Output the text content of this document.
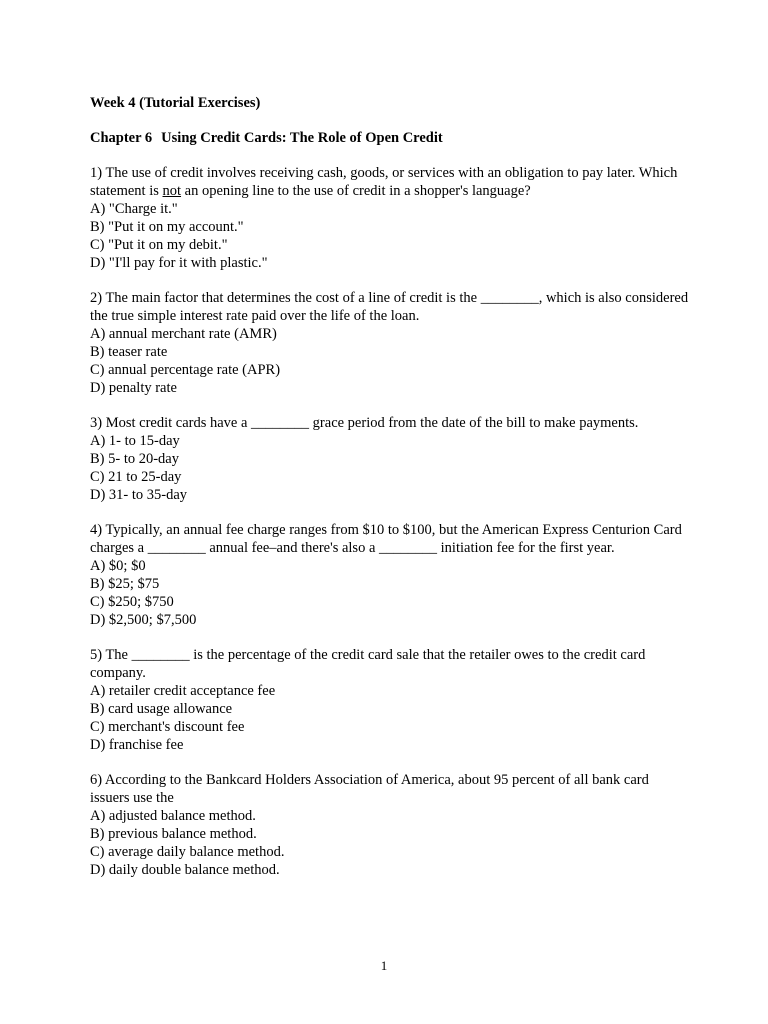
Week 4 (Tutorial Exercises)

Chapter 6 Using Credit Cards: The Role of Open Credit

1) The use of credit involves receiving cash, goods, or services with an obligation to pay later. Which statement is not an opening line to the use of credit in a shopper's language?

A) "Charge it."

B) "Put it on my account."

C) "Put it on my debit."

D) "I'll pay for it with plastic."

2) The main factor that determines the cost of a line of credit is the ________, which is also considered the true simple interest rate paid over the life of the loan.

A) annual merchant rate (AMR)

B) teaser rate

C) annual percentage rate (APR)

D) penalty rate

3) Most credit cards have a ________ grace period from the date of the bill to make payments.

A) 1- to 15-day

B) 5- to 20-day

C) 21 to 25-day

D) 31- to 35-day

4) Typically, an annual fee charge ranges from $10 to $100, but the American Express Centurion Card charges a ________ annual fee–and there's also a ________ initiation fee for the first year.

A) $0; $0

B) $25; $75

C) $250; $750

D) $2,500; $7,500

5) The ________ is the percentage of the credit card sale that the retailer owes to the credit card company.

A) retailer credit acceptance fee

B) card usage allowance

C) merchant's discount fee

D) franchise fee

6) According to the Bankcard Holders Association of America, about 95 percent of all bank card issuers use the

A) adjusted balance method.

B) previous balance method.

C) average daily balance method.

D) daily double balance method.

1
